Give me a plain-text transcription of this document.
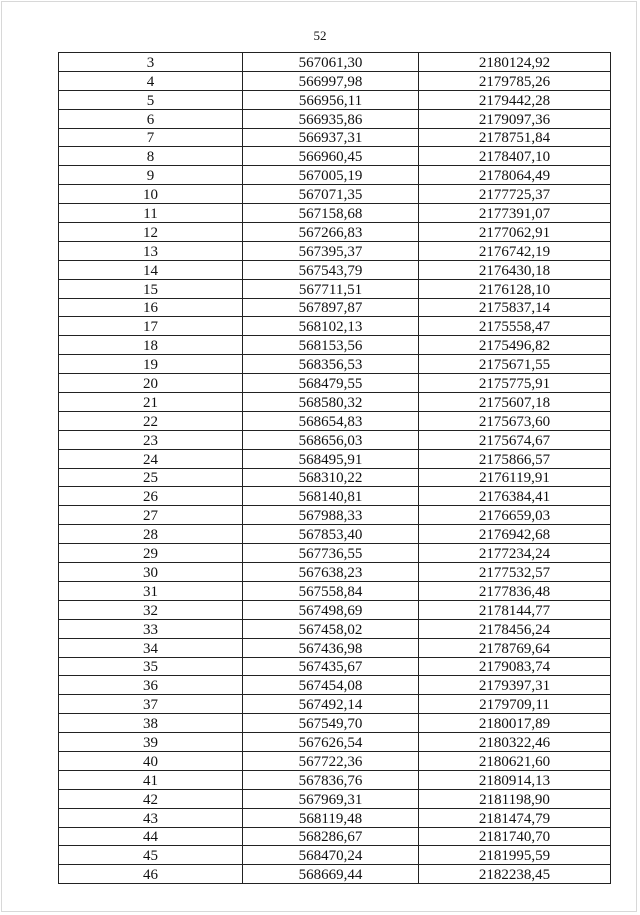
52
3	567061,30	2180124,92
4	566997,98	2179785,26
5	566956,11	2179442,28
6	566935,86	2179097,36
7	566937,31	2178751,84
8	566960,45	2178407,10
9	567005,19	2178064,49
10	567071,35	2177725,37
11	567158,68	2177391,07
12	567266,83	2177062,91
13	567395,37	2176742,19
14	567543,79	2176430,18
15	567711,51	2176128,10
16	567897,87	2175837,14
17	568102,13	2175558,47
18	568153,56	2175496,82
19	568356,53	2175671,55
20	568479,55	2175775,91
21	568580,32	2175607,18
22	568654,83	2175673,60
23	568656,03	2175674,67
24	568495,91	2175866,57
25	568310,22	2176119,91
26	568140,81	2176384,41
27	567988,33	2176659,03
28	567853,40	2176942,68
29	567736,55	2177234,24
30	567638,23	2177532,57
31	567558,84	2177836,48
32	567498,69	2178144,77
33	567458,02	2178456,24
34	567436,98	2178769,64
35	567435,67	2179083,74
36	567454,08	2179397,31
37	567492,14	2179709,11
38	567549,70	2180017,89
39	567626,54	2180322,46
40	567722,36	2180621,60
41	567836,76	2180914,13
42	567969,31	2181198,90
43	568119,48	2181474,79
44	568286,67	2181740,70
45	568470,24	2181995,59
46	568669,44	2182238,45
